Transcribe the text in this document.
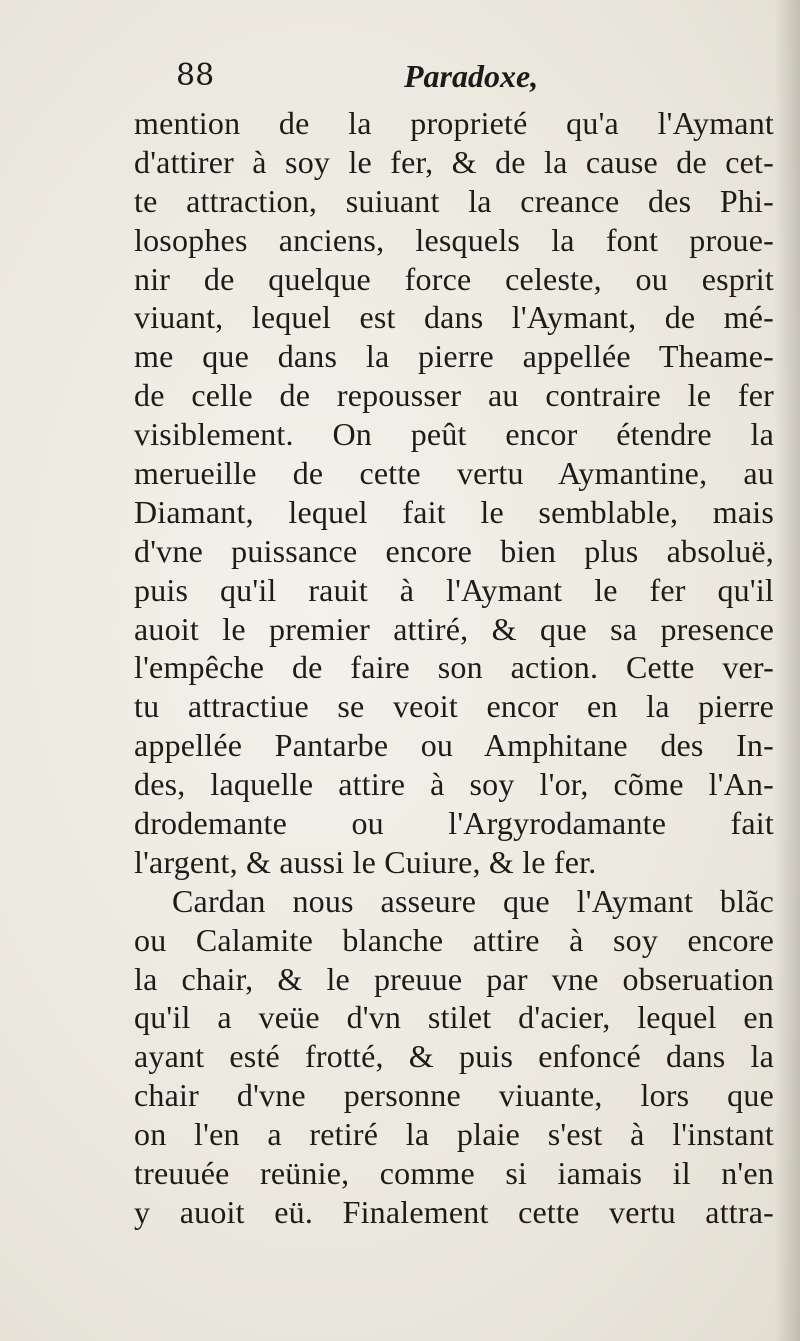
88	Paradoxe,
mention de la proprieté qu'a l'Aymant
d'attirer à soy le fer, & de la cause de cet-
te attraction, suiuant la creance des Phi-
losophes anciens, lesquels la font proue-
nir de quelque force celeste, ou esprit
viuant, lequel est dans l'Aymant, de mé-
me que dans la pierre appellée Theame-
de celle de repousser au contraire le fer
visiblement. On peût encor étendre la
merueille de cette vertu Aymantine, au
Diamant, lequel fait le semblable, mais
d'vne puissance encore bien plus absoluë,
puis qu'il rauit à l'Aymant le fer qu'il
auoit le premier attiré, & que sa presence
l'empêche de faire son action. Cette ver-
tu attractiue se veoit encor en la pierre
appellée Pantarbe ou Amphitane des In-
des, laquelle attire à soy l'or, cõme l'An-
drodemante ou l'Argyrodamante fait
l'argent, & aussi le Cuiure, & le fer.
Cardan nous asseure que l'Aymant blãc
ou Calamite blanche attire à soy encore
la chair, & le preuue par vne obseruation
qu'il a veüe d'vn stilet d'acier, lequel en
ayant esté frotté, & puis enfoncé dans la
chair d'vne personne viuante, lors que
on l'en a retiré la plaie s'est à l'instant
treuuée reünie, comme si iamais il n'en
y auoit eü. Finalement cette vertu attra-
